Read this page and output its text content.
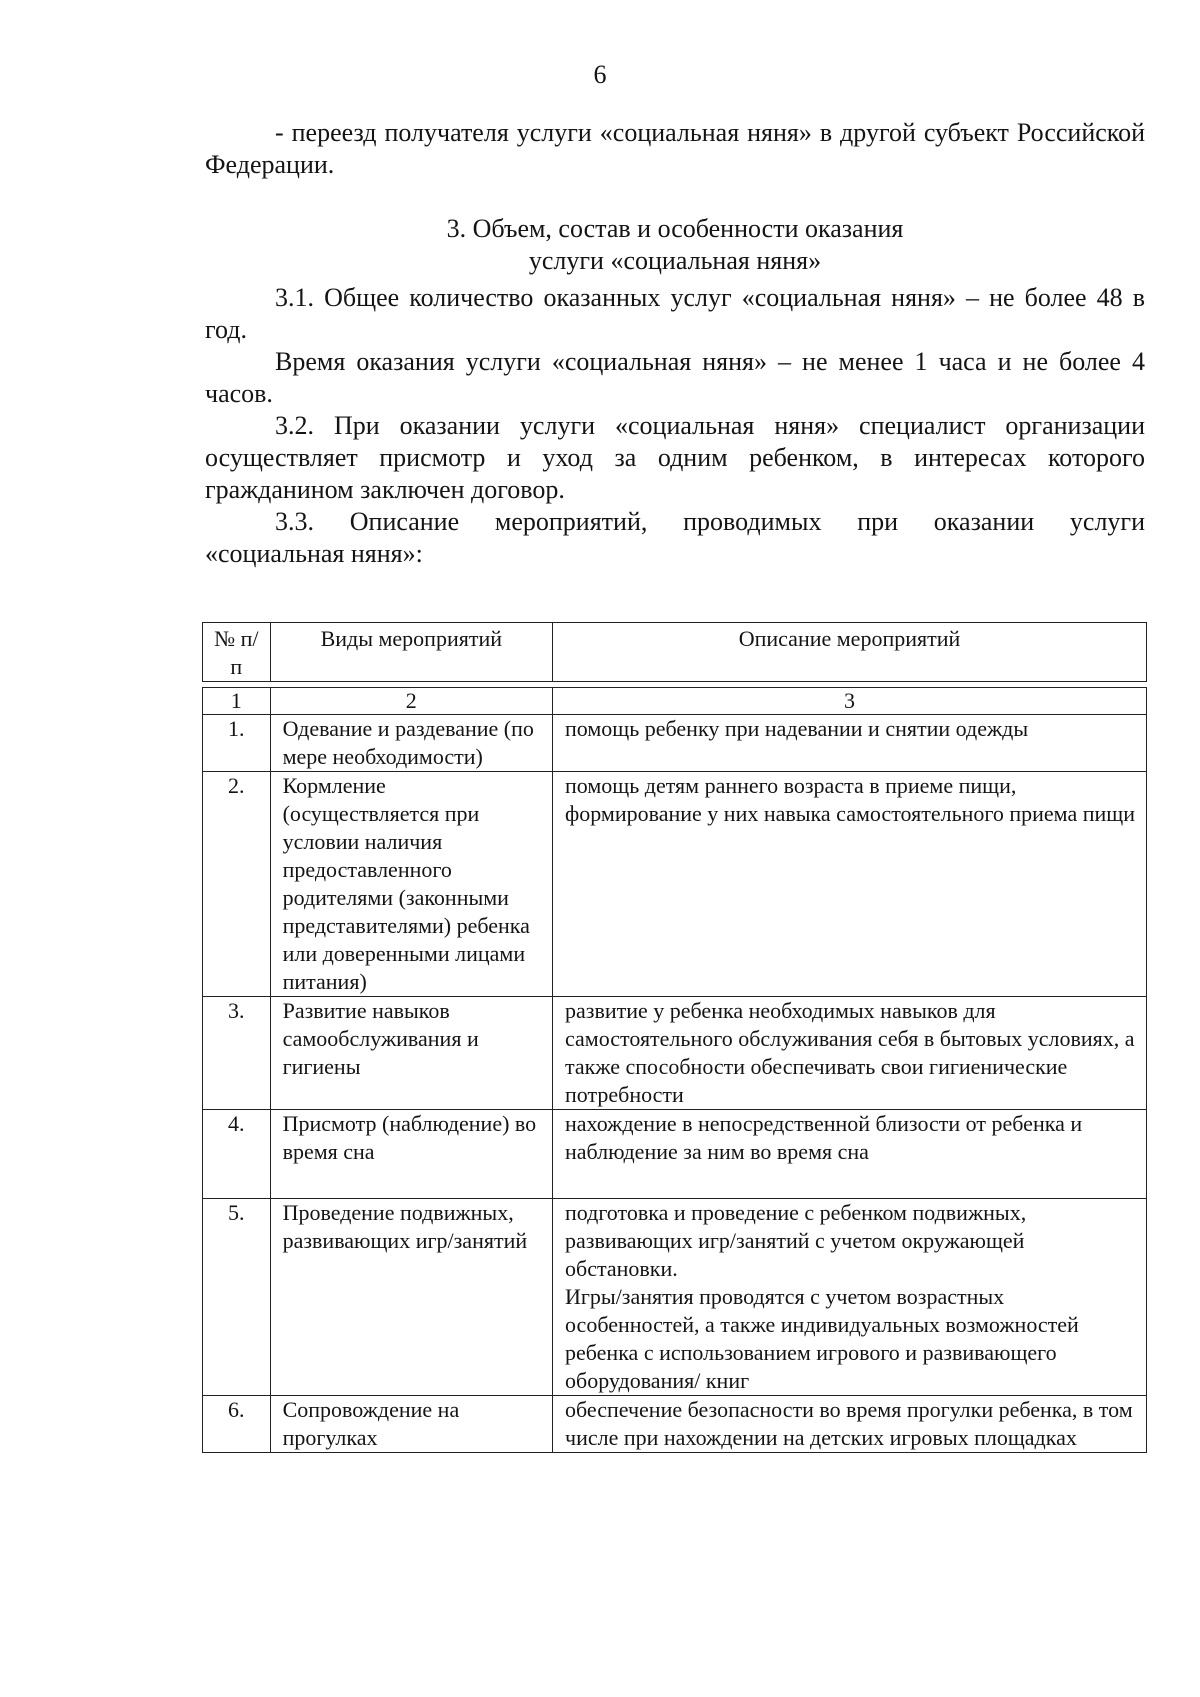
6

- переезд получателя услуги «социальная няня» в другой субъект Российской Федерации.

3. Объем, состав и особенности оказания
услуги «социальная няня»

3.1. Общее количество оказанных услуг «социальная няня» – не более 48 в год.

Время оказания услуги «социальная няня» – не менее 1 часа и не более 4 часов.

3.2. При оказании услуги «социальная няня» специалист организации осуществляет присмотр и уход за одним ребенком, в интересах которого гражданином заключен договор.

3.3. Описание мероприятий, проводимых при оказании услуги

«социальная няня»:

№ п/п	Виды мероприятий	Описание мероприятий

1	2	3
1.	Одевание и раздевание (по мере необходимости)	помощь ребенку при надевании и снятии одежды

2.	Кормление (осуществляется при условии наличия предоставленного родителями (законными представителями) ребенка или доверенными лицами питания)	помощь детям раннего возраста в приеме пищи, формирование у них навыка самостоятельного приема пищи

3.	Развитие навыков самообслуживания и гигиены	развитие у ребенка необходимых навыков для самостоятельного обслуживания себя в бытовых условиях, а также способности обеспечивать свои гигиенические потребности

4.	Присмотр (наблюдение) во время сна	нахождение в непосредственной близости от ребенка и наблюдение за ним во время сна

5.	Проведение подвижных, развивающих игр/занятий	подготовка и проведение с ребенком подвижных, развивающих игр/занятий с учетом окружающей обстановки.
Игры/занятия проводятся с учетом возрастных особенностей, а также индивидуальных возможностей ребенка с использованием игрового и развивающего оборудования/ книг

6.	Сопровождение на прогулках	обеспечение безопасности во время прогулки ребенка, в том числе при нахождении на детских игровых площадках
